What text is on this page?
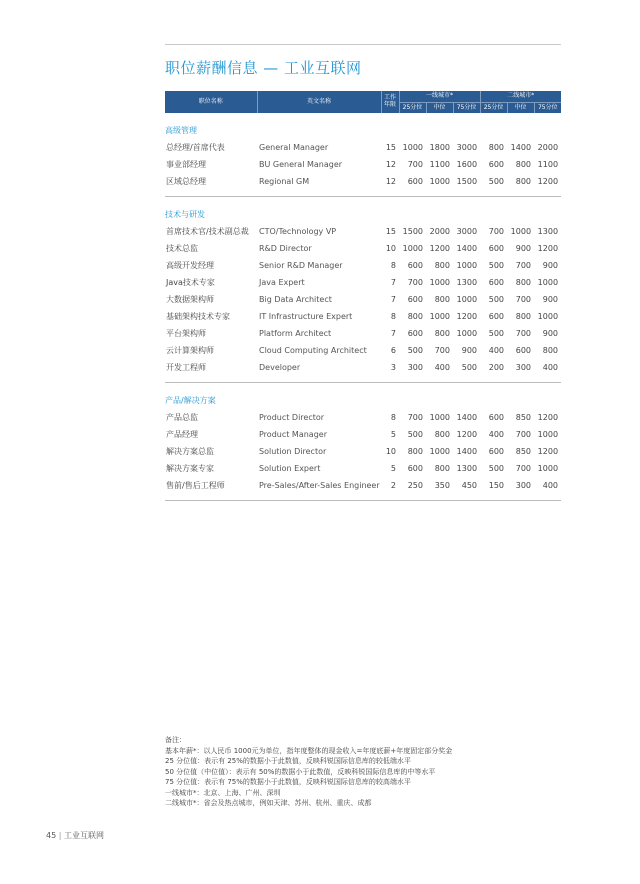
职位薪酬信息 — 工业互联网
职位名称	英文名称	工作年限	一线城市*			二线城市*		
			25分位	中位	75分位	25分位	中位	75分位

高级管理								
总经理/首席代表	General Manager	15	1000	1800	3000	800	1400	2000
事业部经理	BU General Manager	12	700	1100	1600	600	800	1100
区域总经理	Regional GM	12	600	1000	1500	500	800	1200

技术与研发								
首席技术官/技术副总裁	CTO/Technology VP	15	1500	2000	3000	700	1000	1300
技术总监	R&D Director	10	1000	1200	1400	600	900	1200
高级开发经理	Senior R&D Manager	8	600	800	1000	500	700	900
Java技术专家	Java Expert	7	700	1000	1300	600	800	1000
大数据架构师	Big Data Architect	7	600	800	1000	500	700	900
基础架构技术专家	IT Infrastructure Expert	8	800	1000	1200	600	800	1000
平台架构师	Platform Architect	7	600	800	1000	500	700	900
云计算架构师	Cloud Computing Architect	6	500	700	900	400	600	800
开发工程师	Developer	3	300	400	500	200	300	400

产品/解决方案								
产品总监	Product Director	8	700	1000	1400	600	850	1200
产品经理	Product Manager	5	500	800	1200	400	700	1000
解决方案总监	Solution Director	10	800	1000	1400	600	850	1200
解决方案专家	Solution Expert	5	600	800	1300	500	700	1000
售前/售后工程师	Pre-Sales/After-Sales Engineer	2	250	350	450	150	300	400

备注：
基本年薪*：以人民币 1000元为单位，指年度整体的现金收入=年度底薪+年度固定部分奖金
25 分位值：表示有 25%的数据小于此数值，反映科锐国际信息库的较低端水平
50 分位值（中位值）：表示有 50%的数据小于此数值，反映科锐国际信息库的中等水平
75 分位值：表示有 75%的数据小于此数值，反映科锐国际信息库的较高端水平
一线城市*：北京、上海、广州、深圳
二线城市*：省会及热点城市，例如天津、苏州、杭州、重庆、成都
45 | 工业互联网
